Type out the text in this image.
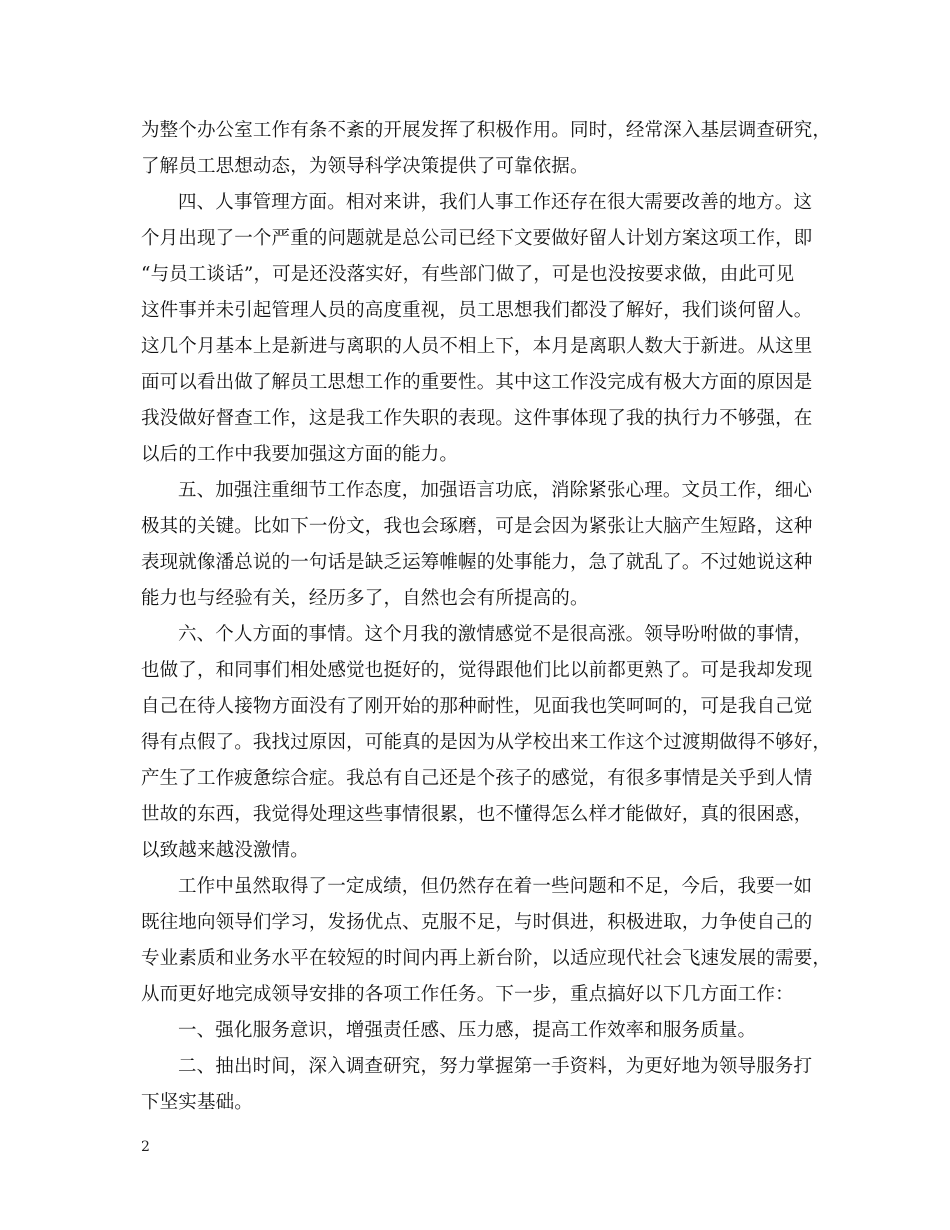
为整个办公室工作有条不紊的开展发挥了积极作用。同时，经常深入基层调查研究，
了解员工思想动态，为领导科学决策提供了可靠依据。
四、人事管理方面。相对来讲，我们人事工作还存在很大需要改善的地方。这
个月出现了一个严重的问题就是总公司已经下文要做好留人计划方案这项工作，即
“与员工谈话”，可是还没落实好，有些部门做了，可是也没按要求做，由此可见
这件事并未引起管理人员的高度重视，员工思想我们都没了解好，我们谈何留人。
这几个月基本上是新进与离职的人员不相上下，本月是离职人数大于新进。从这里
面可以看出做了解员工思想工作的重要性。其中这工作没完成有极大方面的原因是
我没做好督查工作，这是我工作失职的表现。这件事体现了我的执行力不够强，在
以后的工作中我要加强这方面的能力。
五、加强注重细节工作态度，加强语言功底，消除紧张心理。文员工作，细心
极其的关键。比如下一份文，我也会琢磨，可是会因为紧张让大脑产生短路，这种
表现就像潘总说的一句话是缺乏运筹帷幄的处事能力，急了就乱了。不过她说这种
能力也与经验有关，经历多了，自然也会有所提高的。
六、个人方面的事情。这个月我的激情感觉不是很高涨。领导吩咐做的事情，
也做了，和同事们相处感觉也挺好的，觉得跟他们比以前都更熟了。可是我却发现
自己在待人接物方面没有了刚开始的那种耐性，见面我也笑呵呵的，可是我自己觉
得有点假了。我找过原因，可能真的是因为从学校出来工作这个过渡期做得不够好，
产生了工作疲惫综合症。我总有自己还是个孩子的感觉，有很多事情是关乎到人情
世故的东西，我觉得处理这些事情很累，也不懂得怎么样才能做好，真的很困惑，
以致越来越没激情。
工作中虽然取得了一定成绩，但仍然存在着一些问题和不足，今后，我要一如
既往地向领导们学习，发扬优点、克服不足，与时俱进，积极进取，力争使自己的
专业素质和业务水平在较短的时间内再上新台阶，以适应现代社会飞速发展的需要，
从而更好地完成领导安排的各项工作任务。下一步，重点搞好以下几方面工作：
一、强化服务意识，增强责任感、压力感，提高工作效率和服务质量。
二、抽出时间，深入调查研究，努力掌握第一手资料，为更好地为领导服务打
下坚实基础。
2
